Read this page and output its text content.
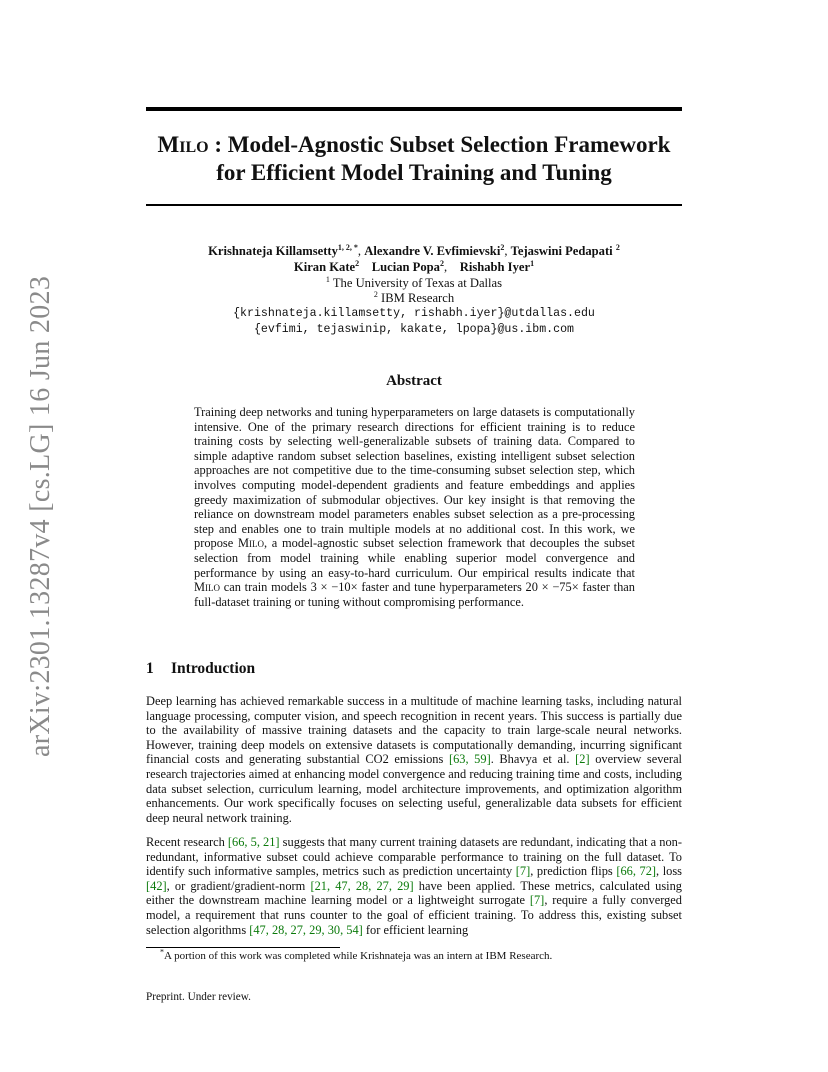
arXiv:2301.13287v4 [cs.LG] 16 Jun 2023
Milo : Model-Agnostic Subset Selection Framework
for Efficient Model Training and Tuning
Krishnateja Killamsetty$^{1, 2, *}$, Alexandre V. Evfimievski$^2$, Tejaswini Pedapati $^2$
Kiran Kate$^2$ Lucian Popa$^2$,    Rishabh Iyer$^1$
$^1$ The University of Texas at Dallas
$^2$ IBM Research
{krishnateja.killamsetty, rishabh.iyer}@utdallas.edu
{evfimi, tejaswinip, kakate, lpopa}@us.ibm.com
Abstract
Training deep networks and tuning hyperparameters on large datasets is computationally intensive. One of the primary research directions for efficient training is to reduce training costs by selecting well-generalizable subsets of training data. Compared to simple adaptive random subset selection baselines, existing intelligent subset selection approaches are not competitive due to the time-consuming subset selection step, which involves computing model-dependent gradients and feature embeddings and applies greedy maximization of submodular objectives. Our key insight is that removing the reliance on downstream model parameters enables subset selection as a pre-processing step and enables one to train multiple models at no additional cost. In this work, we propose Milo, a model-agnostic subset selection framework that decouples the subset selection from model training while enabling superior model convergence and performance by using an easy-to-hard curriculum. Our empirical results indicate that Milo can train models 3 × −10× faster and tune hyperparameters 20 × −75× faster than full-dataset training or tuning without compromising performance.
1 Introduction
Deep learning has achieved remarkable success in a multitude of machine learning tasks, including natural language processing, computer vision, and speech recognition in recent years. This success is partially due to the availability of massive training datasets and the capacity to train large-scale neural networks. However, training deep models on extensive datasets is computationally demanding, incurring significant financial costs and generating substantial CO2 emissions [63, 59]. Bhavya et al. [2] overview several research trajectories aimed at enhancing model convergence and reducing training time and costs, including data subset selection, curriculum learning, model architecture improvements, and optimization algorithm enhancements. Our work specifically focuses on selecting useful, generalizable data subsets for efficient deep neural network training.
Recent research [66, 5, 21] suggests that many current training datasets are redundant, indicating that a non-redundant, informative subset could achieve comparable performance to training on the full dataset. To identify such informative samples, metrics such as prediction uncertainty [7], prediction flips [66, 72], loss [42], or gradient/gradient-norm [21, 47, 28, 27, 29] have been applied. These metrics, calculated using either the downstream machine learning model or a lightweight surrogate [7], require a fully converged model, a requirement that runs counter to the goal of efficient training. To address this, existing subset selection algorithms [47, 28, 27, 29, 30, 54] for efficient learning
*A portion of this work was completed while Krishnateja was an intern at IBM Research.
Preprint. Under review.
